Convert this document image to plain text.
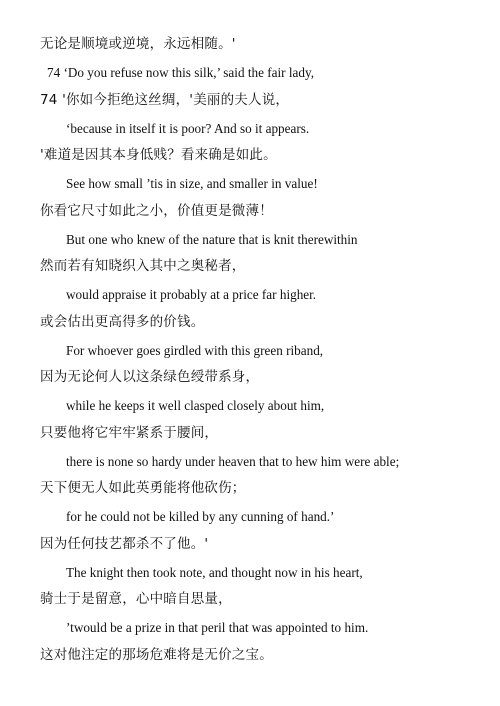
无论是顺境或逆境，永远相随。'
74 ‘Do you refuse now this silk,’ said the fair lady,
74 '你如今拒绝这丝绸，'美丽的夫人说，
‘because in itself it is poor? And so it appears.
'难道是因其本身低贱？看来确是如此。
See how small ’tis in size, and smaller in value!
你看它尺寸如此之小，价值更是微薄！
But one who knew of the nature that is knit therewithin
然而若有知晓织入其中之奥秘者，
would appraise it probably at a price far higher.
或会估出更高得多的价钱。
For whoever goes girdled with this green riband,
因为无论何人以这条绿色绶带系身，
while he keeps it well clasped closely about him,
只要他将它牢牢紧系于腰间，
there is none so hardy under heaven that to hew him were able;
天下便无人如此英勇能将他砍伤；
for he could not be killed by any cunning of hand.’
因为任何技艺都杀不了他。'
The knight then took note, and thought now in his heart,
骑士于是留意，心中暗自思量，
’twould be a prize in that peril that was appointed to him.
这对他注定的那场危难将是无价之宝。
